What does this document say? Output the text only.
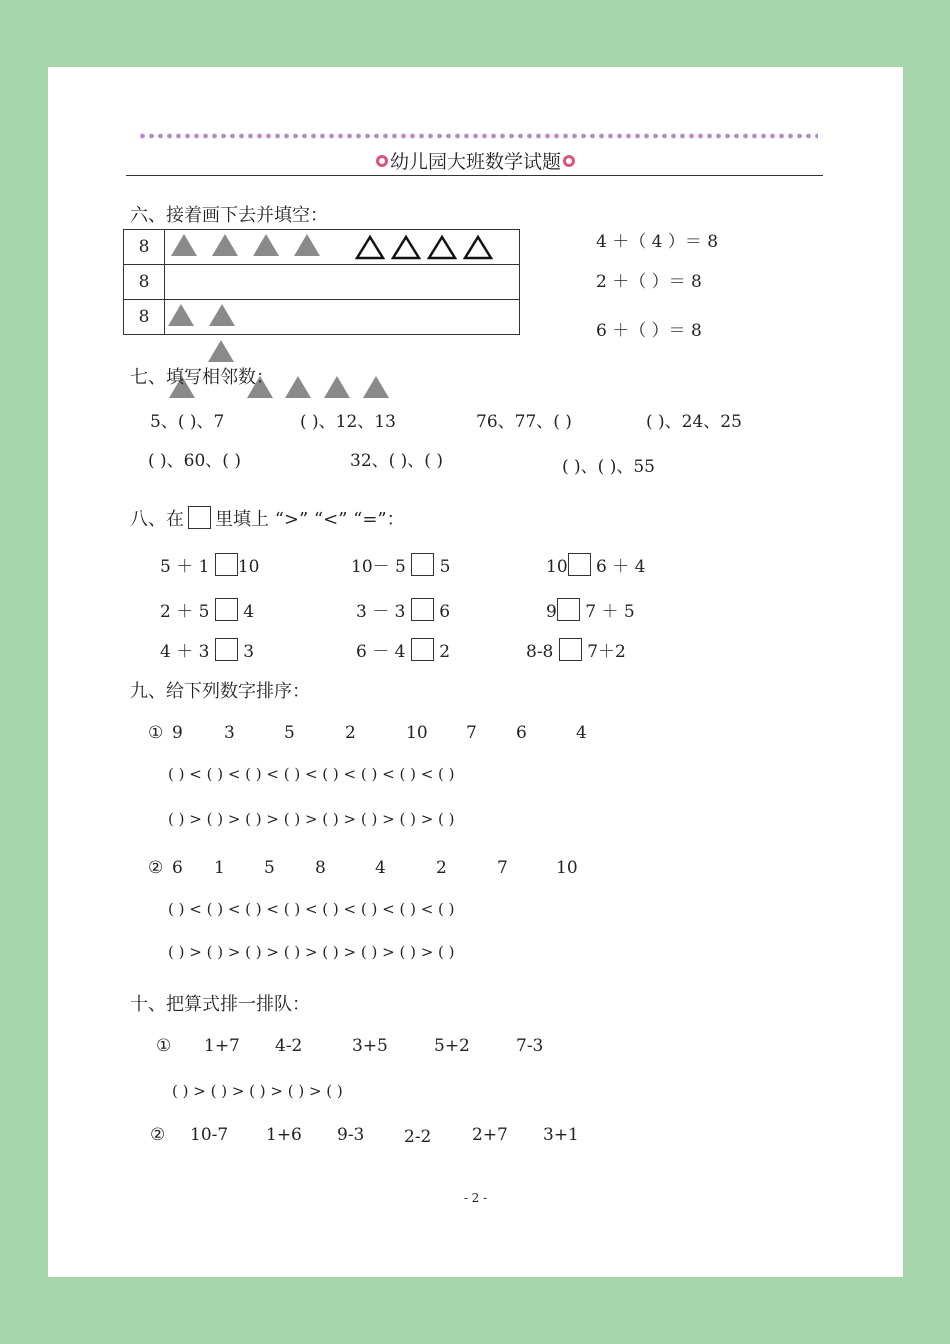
幼儿园大班数学试题
六、接着画下去并填空：
8	
8	
8	
4 ＋（ 4 ）＝ 8
2 ＋（ ）＝ 8
6 ＋（ ）＝ 8
七、填写相邻数：
5、( )、7	( )、12、13	76、77、( )	( )、24、25
( )、60、( )	32、( )、( )	( )、( )、55
八、在 里填上 “>” “<” “=”：
5 ＋ 1 10	10－ 5 5	10 6 ＋ 4
2 ＋ 5 4	3 － 3 6	9 7 ＋ 5
4 ＋ 3 3	6 － 4 2	8-8 7＋2
九、给下列数字排序：
① 9 3	5	2	10 7 6	4
( ) < ( ) < ( ) < ( ) < ( ) < ( ) < ( ) < ( )
( ) > ( ) > ( ) > ( ) > ( ) > ( ) > ( ) > ( )
② 6 1 5 8	4	2	7	10
( ) < ( ) < ( ) < ( ) < ( ) < ( ) < ( ) < ( )
( ) > ( ) > ( ) > ( ) > ( ) > ( ) > ( ) > ( )
十、把算式排一排队：
① 1+7 4-2	3+5	5+2	7-3
( ) > ( ) > ( ) > ( ) > ( )
② 10-7 1+6 9-3 2-2 2+7 3+1
- 2 -
